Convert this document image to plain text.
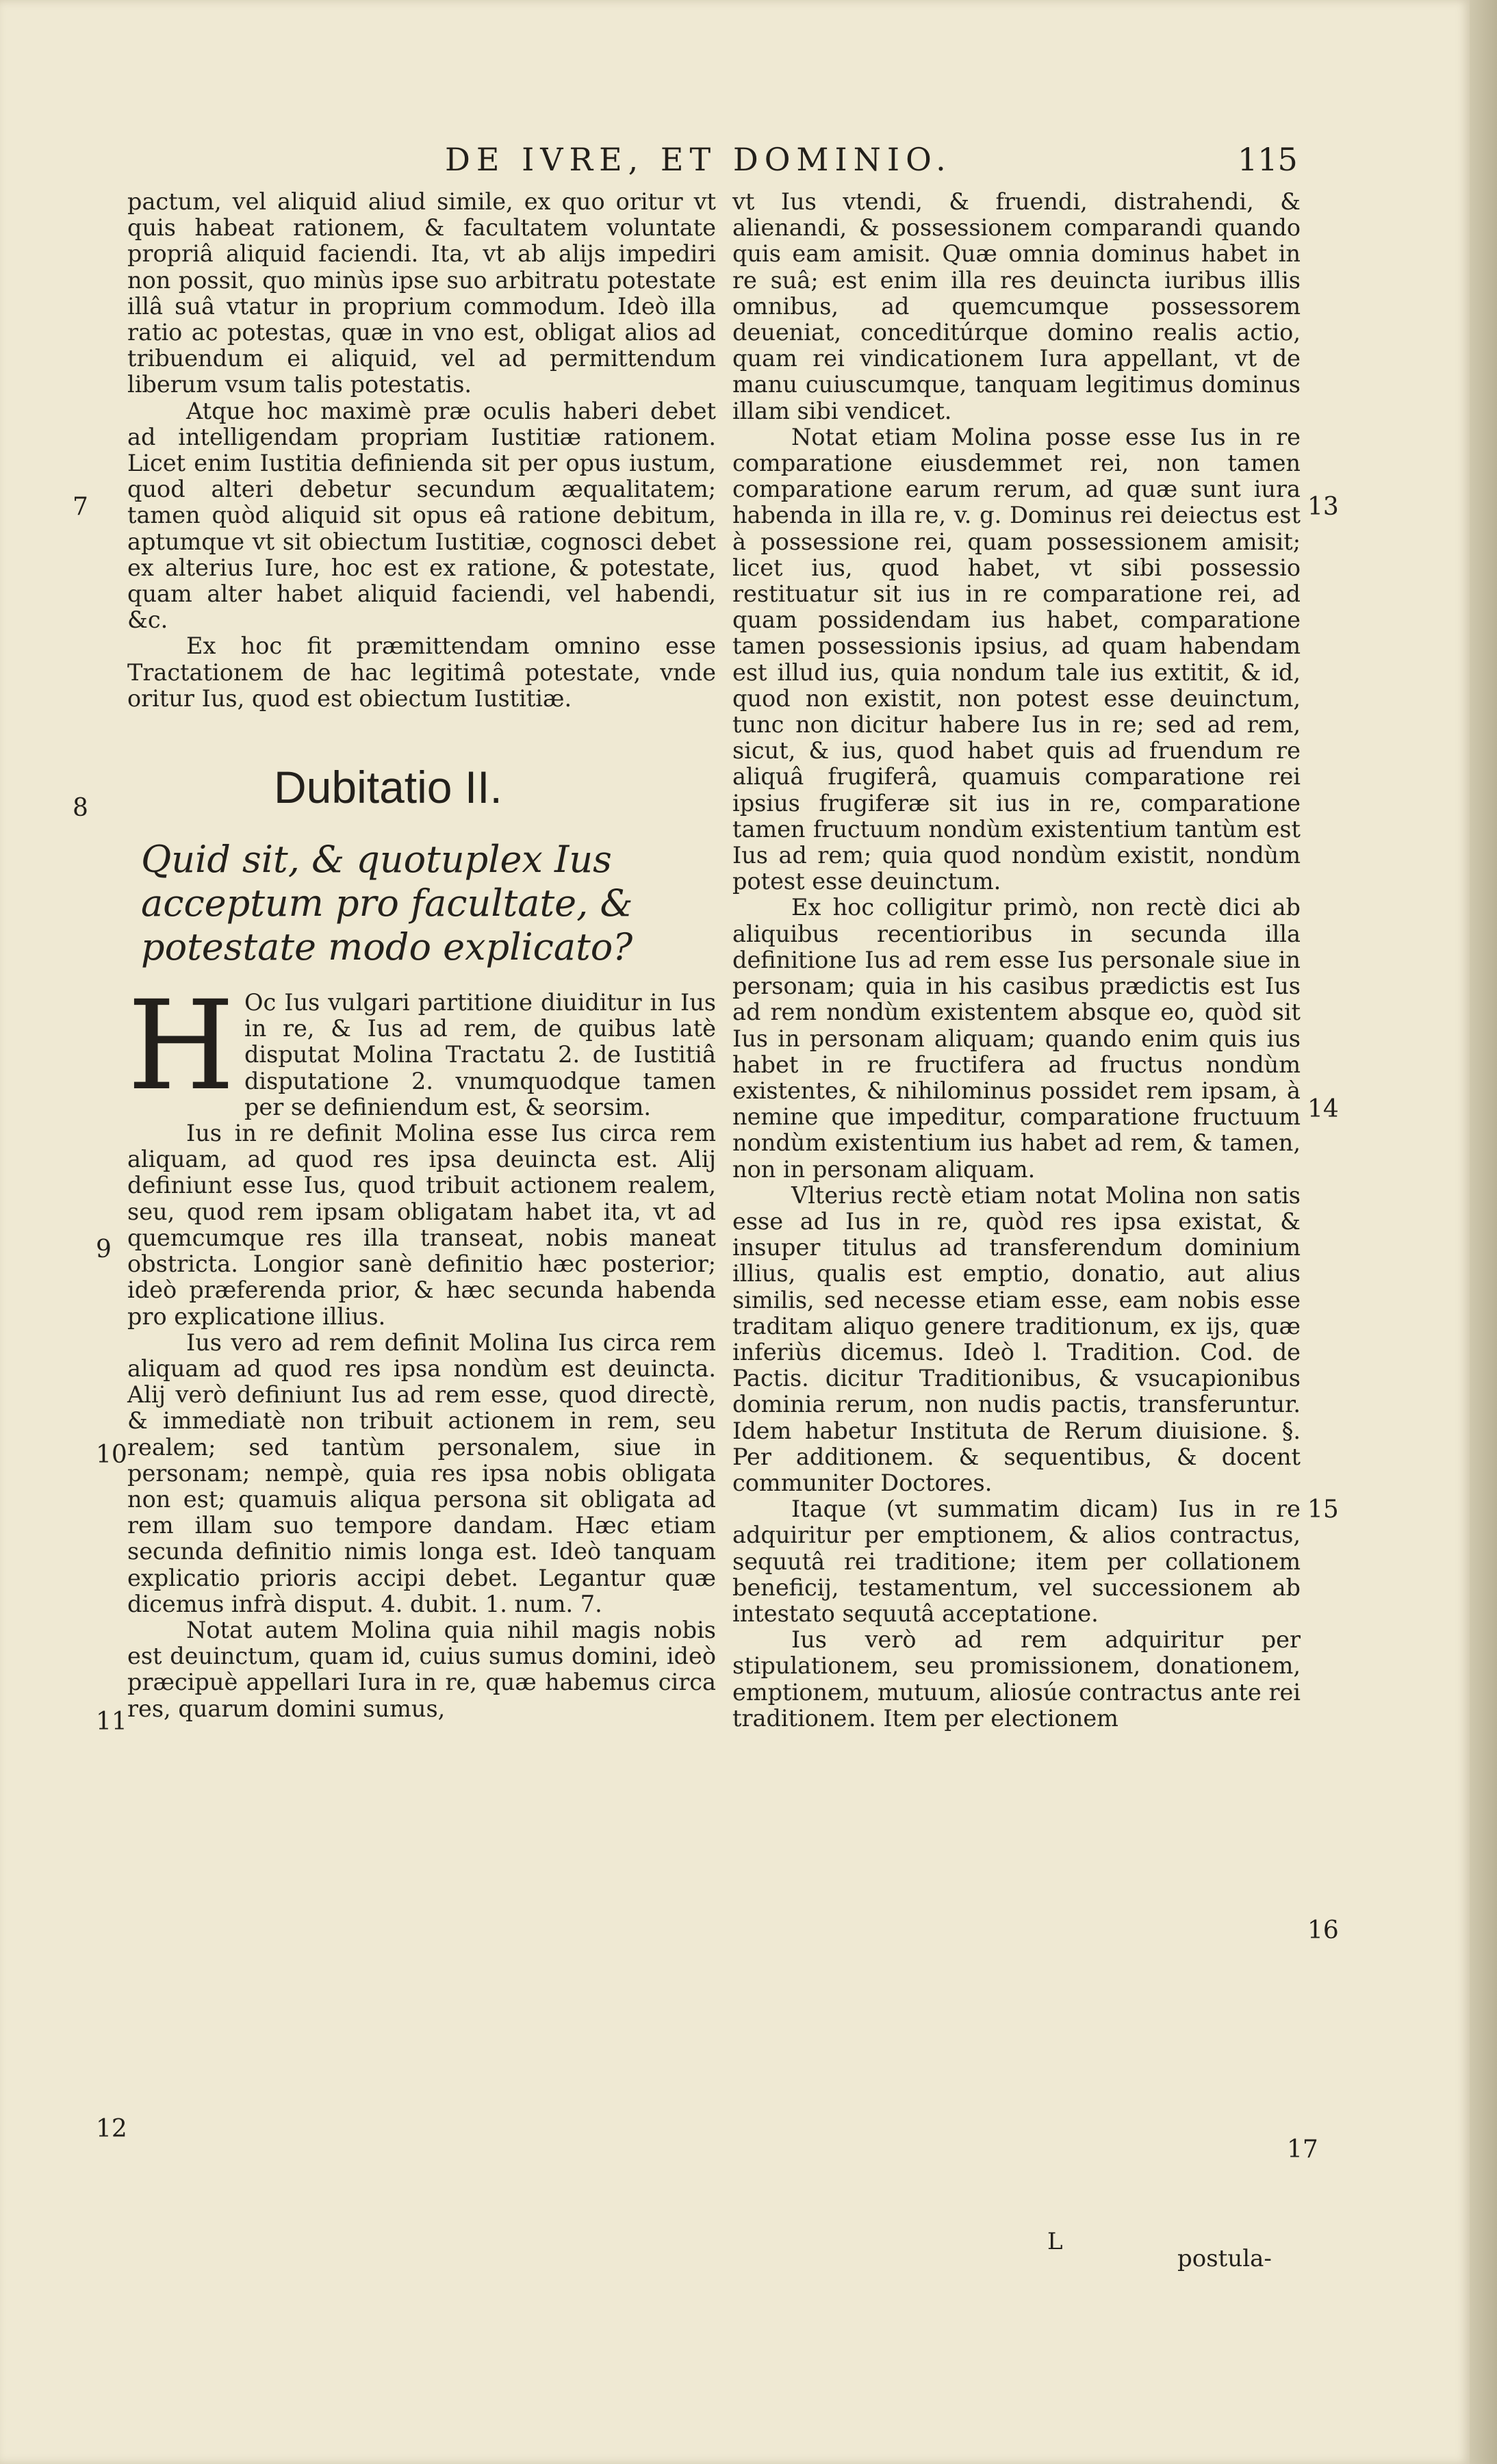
DE IVRE, ET DOMINIO.	115

pactum, vel aliquid aliud simile, ex quo oritur vt quis habeat rationem, & facultatem voluntate propriâ aliquid faciendi. Ita, vt ab alijs impediri non possit, quo minùs ipse suo arbitratu potestate illâ suâ vtatur in proprium commodum. Ideò illa ratio ac potestas, quæ in vno est, obligat alios ad tribuendum ei aliquid, vel ad permittendum liberum vsum talis potestatis.

Atque hoc maximè præ oculis haberi debet ad intelligendam propriam Iustitiæ rationem. Licet enim Iustitia definienda sit per opus iustum, quod alteri debetur secundum æqualitatem; tamen quòd aliquid sit opus eâ ratione debitum, aptumque vt sit obiectum Iustitiæ, cognosci debet ex alterius Iure, hoc est ex ratione, & potestate, quam alter habet aliquid faciendi, vel habendi, &c.

Ex hoc fit præmittendam omnino esse Tractationem de hac legitimâ potestate, vnde oritur Ius, quod est obiectum Iustitiæ.

Dubitatio II.
Quid sit, & quotuplex Ius acceptum pro facultate, & potestate modo explicato?

H Oc Ius vulgari partitione diuiditur in Ius in re, & Ius ad rem, de quibus latè disputat Molina Tractatu 2. de Iustitiâ disputatione 2. vnumquodque tamen per se definiendum est, & seorsim.

Ius in re definit Molina esse Ius circa rem aliquam, ad quod res ipsa deuincta est. Alij definiunt esse Ius, quod tribuit actionem realem, seu, quod rem ipsam obligatam habet ita, vt ad quemcumque res illa transeat, nobis maneat obstricta. Longior sanè definitio hæc posterior; ideò præferenda prior, & hæc secunda habenda pro explicatione illius.

Ius vero ad rem definit Molina Ius circa rem aliquam ad quod res ipsa nondùm est deuincta. Alij verò definiunt Ius ad rem esse, quod directè, & immediatè non tribuit actionem in rem, seu realem; sed tantùm personalem, siue in personam; nempè, quia res ipsa nobis obligata non est; quamuis aliqua persona sit obligata ad rem illam suo tempore dandam. Hæc etiam secunda definitio nimis longa est. Ideò tanquam explicatio prioris accipi debet. Legantur quæ dicemus infrà disput. 4. dubit. 1. num. 7.

Notat autem Molina quia nihil magis nobis est deuinctum, quam id, cuius sumus domini, ideò præcipuè appellari Iura in re, quæ habemus circa res, quarum domini sumus,

vt Ius vtendi, & fruendi, distrahendi, & alienandi, & possessionem comparandi quando quis eam amisit. Quæ omnia dominus habet in re suâ; est enim illa res deuincta iuribus illis omnibus, ad quemcumque possessorem deueniat, conceditúrque domino realis actio, quam rei vindicationem Iura appellant, vt de manu cuiuscumque, tanquam legitimus dominus illam sibi vendicet.

Notat etiam Molina posse esse Ius in re comparatione eiusdemmet rei, non tamen comparatione earum rerum, ad quæ sunt iura habenda in illa re, v. g. Dominus rei deiectus est à possessione rei, quam possessionem amisit; licet ius, quod habet, vt sibi possessio restituatur sit ius in re comparatione rei, ad quam possidendam ius habet, comparatione tamen possessionis ipsius, ad quam habendam est illud ius, quia nondum tale ius extitit, & id, quod non existit, non potest esse deuinctum, tunc non dicitur habere Ius in re; sed ad rem, sicut, & ius, quod habet quis ad fruendum re aliquâ frugiferâ, quamuis comparatione rei ipsius frugiferæ sit ius in re, comparatione tamen fructuum nondùm existentium tantùm est Ius ad rem; quia quod nondùm existit, nondùm potest esse deuinctum.

Ex hoc colligitur primò, non rectè dici ab aliquibus recentioribus in secunda illa definitione Ius ad rem esse Ius personale siue in personam; quia in his casibus prædictis est Ius ad rem nondùm existentem absque eo, quòd sit Ius in personam aliquam; quando enim quis ius habet in re fructifera ad fructus nondùm existentes, & nihilominus possidet rem ipsam, à nemine que impeditur, comparatione fructuum nondùm existentium ius habet ad rem, & tamen, non in personam aliquam.

Vlterius rectè etiam notat Molina non satis esse ad Ius in re, quòd res ipsa existat, & insuper titulus ad transferendum dominium illius, qualis est emptio, donatio, aut alius similis, sed necesse etiam esse, eam nobis esse traditam aliquo genere traditionum, ex ijs, quæ inferiùs dicemus. Ideò l. Tradition. Cod. de Pactis. dicitur Traditionibus, & vsucapionibus dominia rerum, non nudis pactis, transferuntur. Idem habetur Instituta de Rerum diuisione. §. Per additionem. & sequentibus, & docent communiter Doctores.

Itaque (vt summatim dicam) Ius in re adquiritur per emptionem, & alios contractus, sequutâ rei traditione; item per collationem beneficij, testamentum, vel successionem ab intestato sequutâ acceptatione.

Ius verò ad rem adquiritur per stipulationem, seu promissionem, donationem, emptionem, mutuum, aliosúe contractus ante rei traditionem. Item per electionem

7
8
9
10
11
12
13
14
15
16
17
L
postula-
